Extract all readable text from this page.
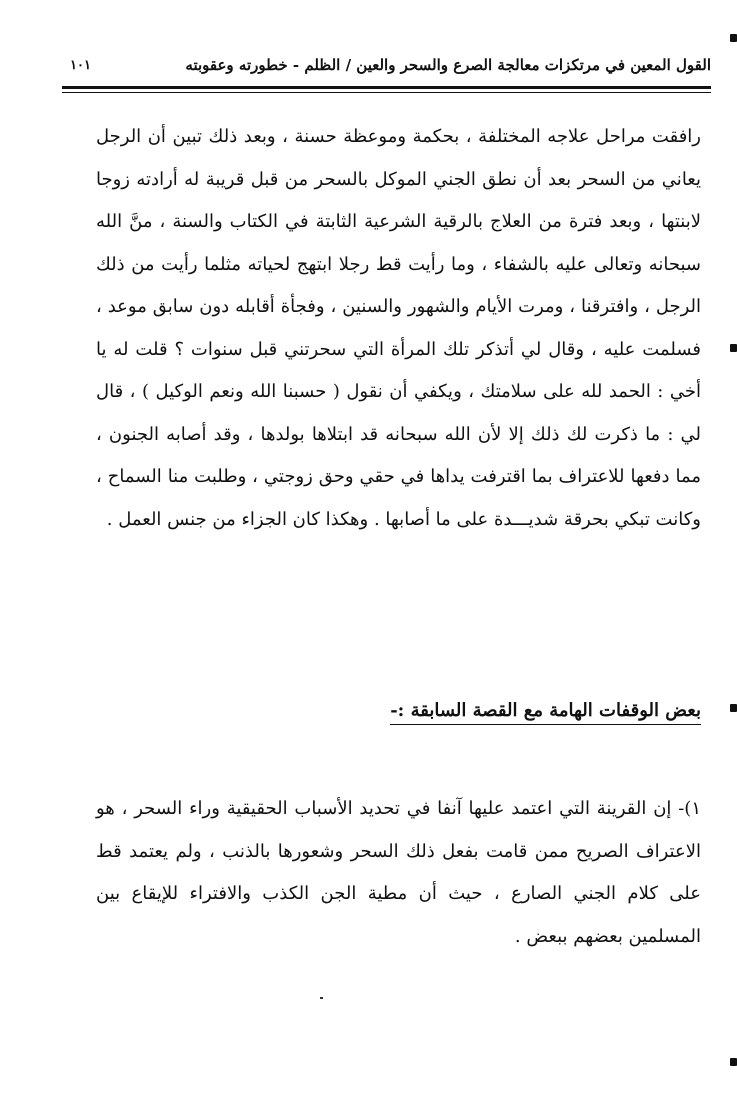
القول المعين في مرتكزات معالجة الصرع والسحر والعين / الظلم - خطورته وعقوبته
١٠١

رافقت مراحل علاجه المختلفة ، بحكمة وموعظة حسنة ، وبعد ذلك تبين أن الرجل يعاني من السحر بعد أن نطق الجني الموكل بالسحر من قبل قريبة له أرادته زوجا لابنتها ، وبعد فترة من العلاج بالرقية الشرعية الثابتة في الكتاب والسنة ، منَّ الله سبحانه وتعالى عليه بالشفاء ، وما رأيت قط رجلا ابتهج لحياته مثلما رأيت من ذلك الرجل ، وافترقنا ، ومرت الأيام والشهور والسنين ، وفجأة أقابله دون سابق موعد ، فسلمت عليه ، وقال لي أتذكر تلك المرأة التي سحرتني قبل سنوات ؟ قلت له يا أخي : الحمد لله على سلامتك ، ويكفي أن نقول ( حسبنا الله ونعم الوكيل ) ، قال لي : ما ذكرت لك ذلك إلا لأن الله سبحانه قد ابتلاها بولدها ، وقد أصابه الجنون ، مما دفعها للاعتراف بما اقترفت يداها في حقي وحق زوجتي ، وطلبت منا السماح ، وكانت تبكي بحرقة شديـــدة على ما أصابها . وهكذا كان الجزاء من جنس العمل .

بعض الوقفات الهامة مع القصة السابقة :-

١)- إن القرينة التي اعتمد عليها آنفا في تحديد الأسباب الحقيقية وراء السحر ، هو الاعتراف الصريح ممن قامت بفعل ذلك السحر وشعورها بالذنب ، ولم يعتمد قط على كلام الجني الصارع ، حيث أن مطية الجن الكذب والافتراء للإيقاع بين المسلمين بعضهم ببعض .
